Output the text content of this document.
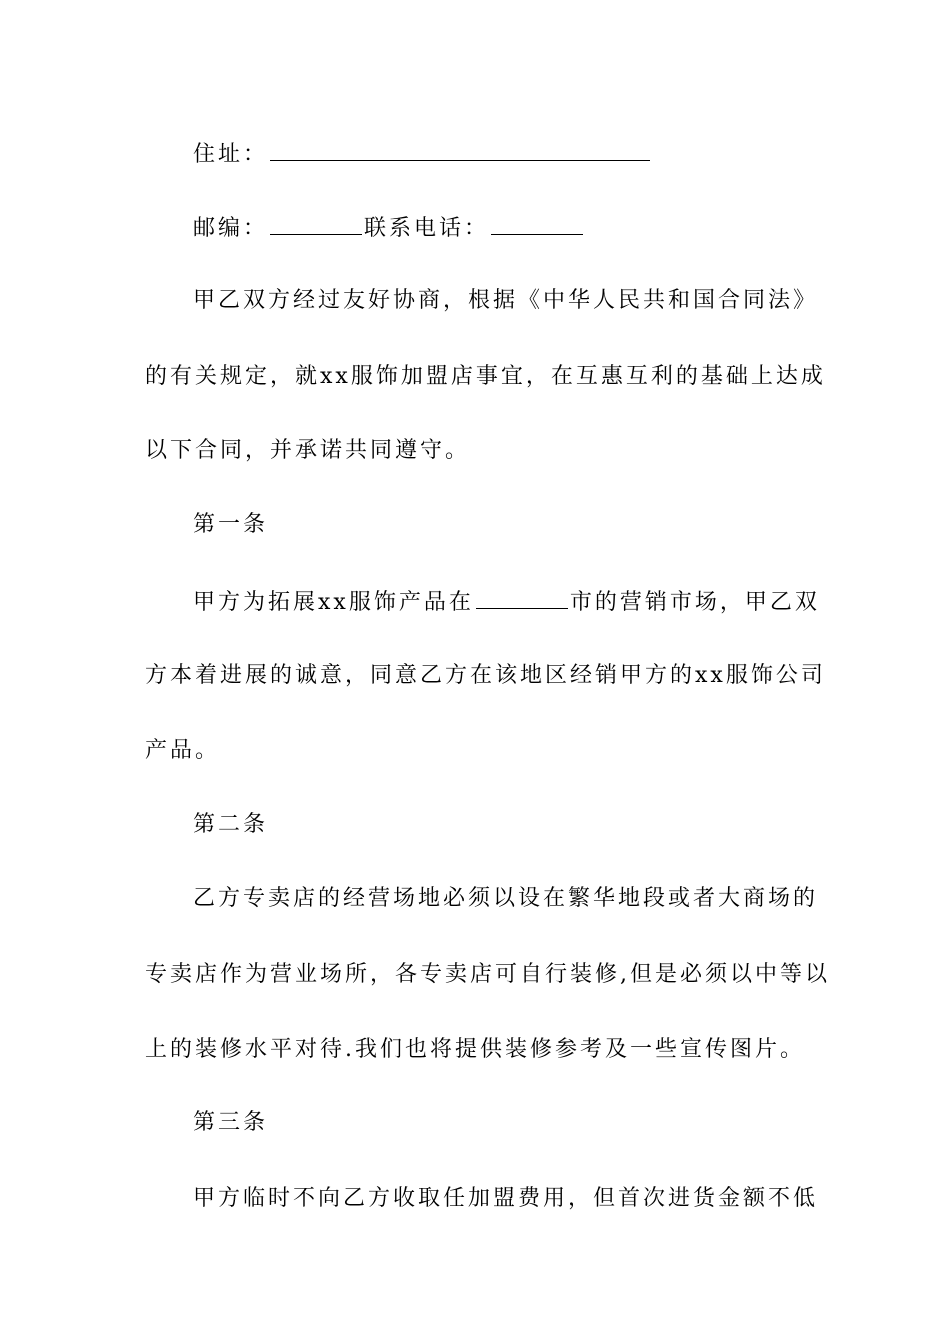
住址：
邮编：	联系电话：
甲乙双方经过友好协商，根据《中华人民共和国合同法》
的有关规定，就xx服饰加盟店事宜，在互惠互利的基础上达成
以下合同，并承诺共同遵守。
第一条
甲方为拓展xx服饰产品在	市的营销市场，甲乙双
方本着进展的诚意，同意乙方在该地区经销甲方的xx服饰公司
产品。
第二条
乙方专卖店的经营场地必须以设在繁华地段或者大商场的
专卖店作为营业场所，各专卖店可自行装修,但是必须以中等以
上的装修水平对待.我们也将提供装修参考及一些宣传图片。
第三条
甲方临时不向乙方收取任加盟费用，但首次进货金额不低
